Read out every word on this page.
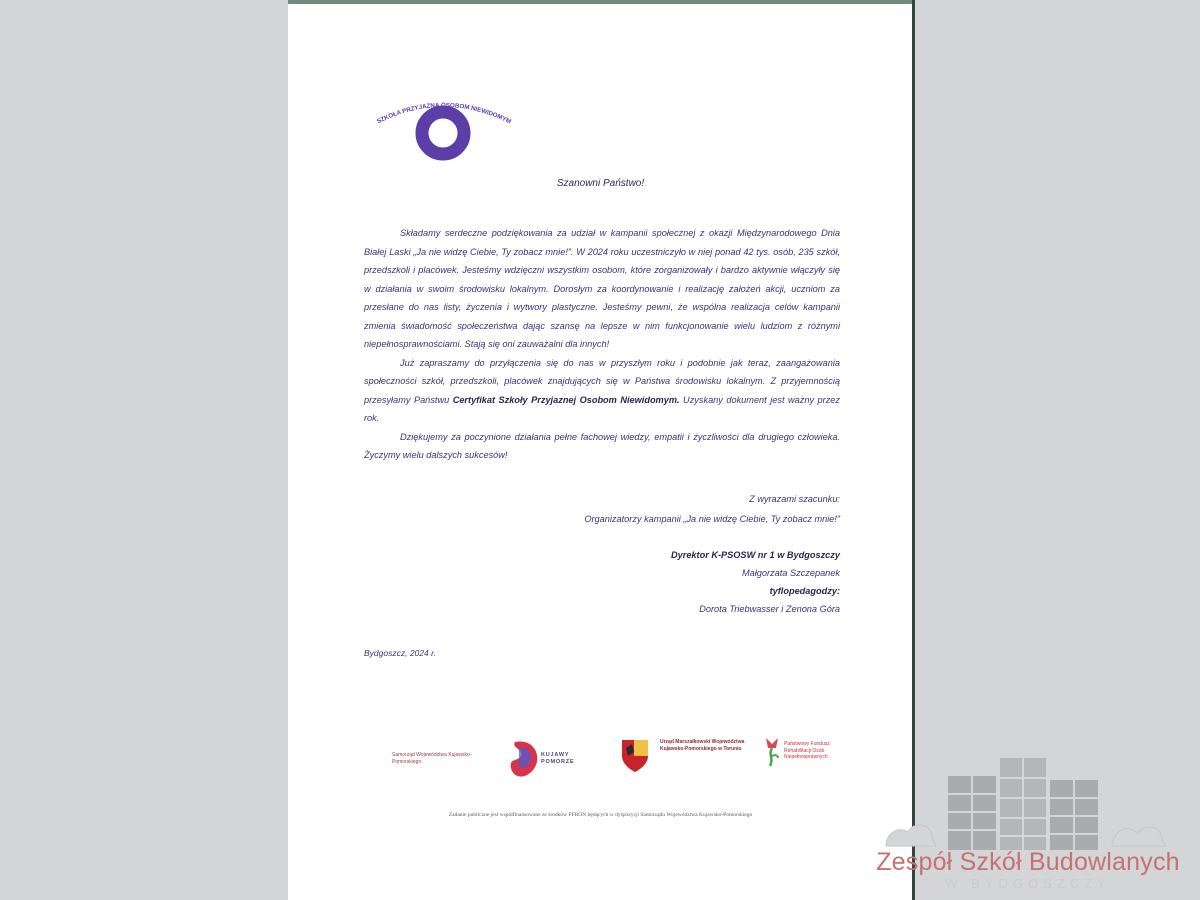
SZKOŁA PRZYJAZNA OSOBOM NIEWIDOMYM
Szanowni Państwo!

Składamy serdeczne podziękowania za udział w kampanii społecznej z okazji Międzynarodowego Dnia Białej Laski „Ja nie widzę Ciebie, Ty zobacz mnie!”. W 2024 roku uczestniczyło w niej ponad 42 tys. osób, 235 szkół, przedszkoli i placówek. Jesteśmy wdzięczni wszystkim osobom, które zorganizowały i bardzo aktywnie włączyły się w działania w swoim środowisku lokalnym. Dorosłym za koordynowanie i realizację założeń akcji, uczniom za przesłane do nas listy, życzenia i wytwory plastyczne. Jesteśmy pewni, że wspólna realizacja celów kampanii zmienia świadomość społeczeństwa dając szansę na lepsze w nim funkcjonowanie wielu ludziom z różnymi niepełnosprawnościami. Stają się oni zauważalni dla innych!

Już zapraszamy do przyłączenia się do nas w przyszłym roku i podobnie jak teraz, zaangażowania społeczności szkół, przedszkoli, placówek znajdujących się w Państwa środowisku lokalnym. Z przyjemnością przesyłamy Państwu Certyfikat Szkoły Przyjaznej Osobom Niewidomym. Uzyskany dokument jest ważny przez rok.

Dziękujemy za poczynione działania pełne fachowej wiedzy, empatii i życzliwości dla drugiego człowieka. Życzymy wielu dalszych sukcesów!

Z wyrazami szacunku:
Organizatorzy kampanii „Ja nie widzę Ciebie, Ty zobacz mnie!”
Dyrektor K-PSOSW nr 1 w Bydgoszczy
Małgorzata Szczepanek
tyflopedagodzy:
Dorota Triebwasser i Zenona Góra
Bydgoszcz, 2024 r.
Samorząd Województwa Kujawsko-Pomorskiego
KUJAWY POMORZE
Urząd Marszałkowski Województwa Kujawsko-Pomorskiego w Toruniu
Państwowy Fundusz Rehabilitacji Osób Niepełnosprawnych
Zadanie publiczne jest współfinansowane ze środków PFRON będących w dyspozycji Samorządu Województwa Kujawsko-Pomorskiego
Zespół Szkół Budowlanych
W BYDGOSZCZY
